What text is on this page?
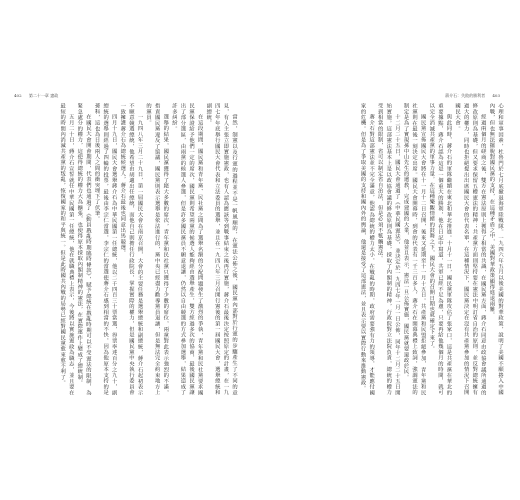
402 第二十一章 憲政	蔣介石：失敗的勝利者 403

心理和軍事因素，杜魯門於七月底撤退海軍陸戰隊。一九四六年五月以後美國的對華政策，說明了美國不願捲入中國內戰，但也無法擺脫對國民黨的支持，在這種矛盾之中，美國對華政策顯得進退兩難。

經過兩個月的磋商之後，雙方在憲法原則上獲得了相當的共識，在國民黨方面，蔣介石同意由政協會議所通過的修改原則為基礎，但又要求保留五權憲法的精神；共產黨方面則堅持要在憲法中明訂省自治的原則，並反對總統擁有過大的權力，同時也拒絕提出出席國民大會的代表名單，在這種情況下，國民黨決定在沒有共產黨參加的情況下召開國民大會。

與此同時，蔣介石的軍隊繼續在東北和華北推進。十月十一日，國民黨軍隊攻佔了張家口，這是共產黨在華北的重要據點，蔣介石認為這是一個重大的勝利，他在日記中寫道，共軍已經不足為慮，只要再給他幾個月的時間，就可以完全消滅共產黨的軍事力量。在這種樂觀情緒的鼓舞之下，國民大會的召開日期也就確定下來了。

國民黨宣佈國民大會將在十一月十二日召開，後來又延期至十一月十五日。共產黨和民盟拒絕參加，青年黨和民社黨則在最後一刻決定出席。國民大會開幕時，到會的代表有一千三百多人，蔣介石在開幕典禮上致詞，強調憲法的制定是為了實現孫中山先生的遺教，完成建國的大業，他並且表示，憲法一旦公佈實施，國民黨就要還政於民。

十二月二十五日，國民大會通過了《中華民國憲法》，並決定於一九四七年一月一日公佈，同年十二月二十五日開始實施。這部憲法基本上是以政協會議的修改原則為基礎，採取了內閣制的精神，行政院對立法院負責，總統的權力受到相當的限制，省可以制定省自治法，但是必須不牴觸憲法。

蔣介石對這部憲法並不完全滿意，他認為總統的權力太小，在戰亂的時期，政府需要強有力的領導，才能應付國家的危機。但是為了爭取美國的支持和國內外的輿論，他還是接受了這部憲法，並且表示要以實際行動來推動憲政。

當然，制憲以及行憲的過程並不是一帆風順的，在憲法公佈之後，國民黨內部對於行憲的步驟產生了不同的意見，有人主張立即實施憲政，也有人認為應該等到戰事結束之後再行實施，蔣介石最後決定按照原定的計畫，在一九四七年年底舉行國民大會代表和立法委員的選舉，並且在一九四八年三月召開行憲後的第一屆國民大會，選舉總統和副總統。

在這段期間，國民黨和青年黨、民社黨之間為了選舉名額的分配問題發生了激烈的爭執，青年黨和民社黨要求國民黨保證給予他們一定的席次，國民黨則希望兩黨的候選人能夠經由選舉產生，雙方經過多次的協商，最後國民黨讓出了部分選區，由兩黨的候選人參選，但是許多國民黨員不願意退讓，仍然以自由競選的方式參加選舉，結果造成了許多糾紛。

選舉的結果，國民黨獲得了絕大多數的席次，青年黨和民社黨只獲得了少數的席位，兩黨對此表示強烈的不滿，指責國民黨違反了協議，國民黨則表示選舉是依法進行的，黨中央已經盡力勸導黨員退讓，但是無法完全約束地方上的黨員。

一九四八年三月二十九日，第一屆國民大會在南京召開，大會的主要任務是選舉總統和副總統，蔣介石起初表示不願意競選總統，他希望由胡適出任總統，而他自己則擔任行政院長，掌握實際的權力，但是國民黨中央執行委員會一致擁護蔣介石為總統候選人，蔣介石最後也同意出馬競選。

四月十九日，國民大會選舉蔣介石為中華民國第一任總統，他以二千四百三十票當選，得票率達百分之九十，副總統的選舉則經過了四輪的投票，最後由李宗仁當選，李宗仁的當選使蔣介石感到相當的不快，因為他原本支持的是孫科，這也為日後兩人之間的衝突埋下了伏筆。

在國民大會開會期間，代表們也通過了《動員戡亂時期臨時條款》，賦予總統在戡亂時期可以不受憲法的限制，為緊急處分的權力，這使得總統的權力大為擴張，也使得原本採取內閣制精神的憲法，在實際運作上變成了總統制。

五月二十日，蔣介石宣誓就任中華民國第一任總統，他在就職典禮上表示，今後將以實施憲政為職志，並且要在最短的時間內消滅共產黨的叛亂，恢復國家的和平與統一。但是此時國共內戰的局勢已經對國民黨愈來愈不利了。
